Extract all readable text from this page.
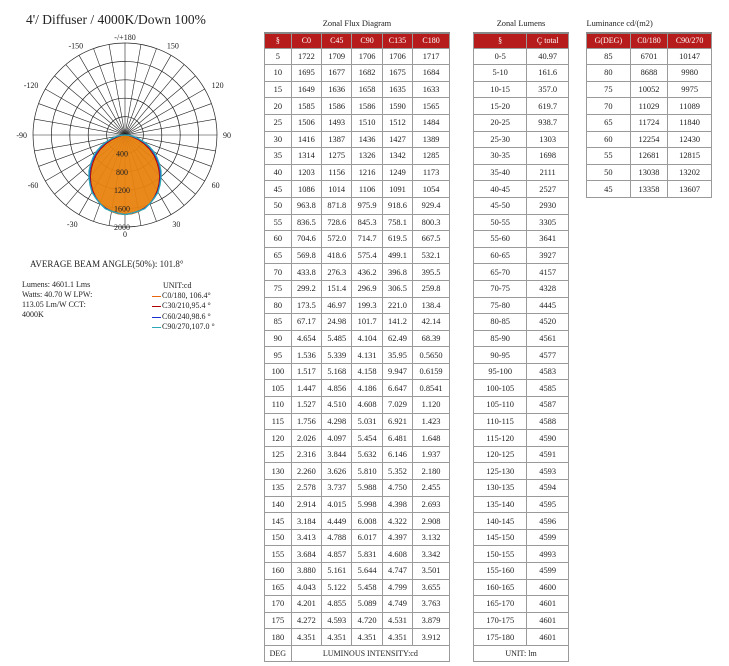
4'/ Diffuser / 4000K/Down 100%
400
800
1200
1600
2000
-/+180
150
-150
120
-120
90
-90
60
-60
30
-30
0
AVERAGE BEAM ANGLE(50%): 101.8°
Lumens: 4601.1 Lms
Watts: 40.70 W LPW:
113.05 Lm/W CCT:
4000K
UNIT:cd
C0/180, 106.4°
C30/210,95.4 °
C60/240,98.6 °
C90/270,107.0 °
Zonal Flux Diagram					
§	C0	C45	C90	C135	C180
5	1722	1709	1706	1706	1717
10	1695	1677	1682	1675	1684
15	1649	1636	1658	1635	1633
20	1585	1586	1586	1590	1565
25	1506	1493	1510	1512	1484
30	1416	1387	1436	1427	1389
35	1314	1275	1326	1342	1285
40	1203	1156	1216	1249	1173
45	1086	1014	1106	1091	1054
50	963.8	871.8	975.9	918.6	929.4
55	836.5	728.6	845.3	758.1	800.3
60	704.6	572.0	714.7	619.5	667.5
65	569.8	418.6	575.4	499.1	532.1
70	433.8	276.3	436.2	396.8	395.5
75	299.2	151.4	296.9	306.5	259.8
80	173.5	46.97	199.3	221.0	138.4
85	67.17	24.98	101.7	141.2	42.14
90	4.654	5.485	4.104	62.49	68.39
95	1.536	5.339	4.131	35.95	0.5650
100	1.517	5.168	4.158	9.947	0.6159
105	1.447	4.856	4.186	6.647	0.8541
110	1.527	4.510	4.608	7.029	1.120
115	1.756	4.298	5.031	6.921	1.423
120	2.026	4.097	5.454	6.481	1.648
125	2.316	3.844	5.632	6.146	1.937
130	2.260	3.626	5.810	5.352	2.180
135	2.578	3.737	5.988	4.750	2.455
140	2.914	4.015	5.998	4.398	2.693
145	3.184	4.449	6.008	4.322	2.908
150	3.413	4.788	6.017	4.397	3.132
155	3.684	4.857	5.831	4.608	3.342
160	3.880	5.161	5.644	4.747	3.501
165	4.043	5.122	5.458	4.799	3.655
170	4.201	4.855	5.089	4.749	3.763
175	4.272	4.593	4.720	4.531	3.879
180	4.351	4.351	4.351	4.351	3.912
DEG	LUMINOUS INTENSITY:cd				
Zonal Lumens	
§	Ç total
0-5	40.97
5-10	161.6
10-15	357.0
15-20	619.7
20-25	938.7
25-30	1303
30-35	1698
35-40	2111
40-45	2527
45-50	2930
50-55	3305
55-60	3641
60-65	3927
65-70	4157
70-75	4328
75-80	4445
80-85	4520
85-90	4561
90-95	4577
95-100	4583
100-105	4585
105-110	4587
110-115	4588
115-120	4590
120-125	4591
125-130	4593
130-135	4594
135-140	4595
140-145	4596
145-150	4599
150-155	4993
155-160	4599
160-165	4600
165-170	4601
170-175	4601
175-180	4601
UNIT: lm	
Luminance cd/(m2)		
G(DEG)	C0/180	C90/270
85	6701	10147
80	8688	9980
75	10052	9975
70	11029	11089
65	11724	11840
60	12254	12430
55	12681	12815
50	13038	13202
45	13358	13607
